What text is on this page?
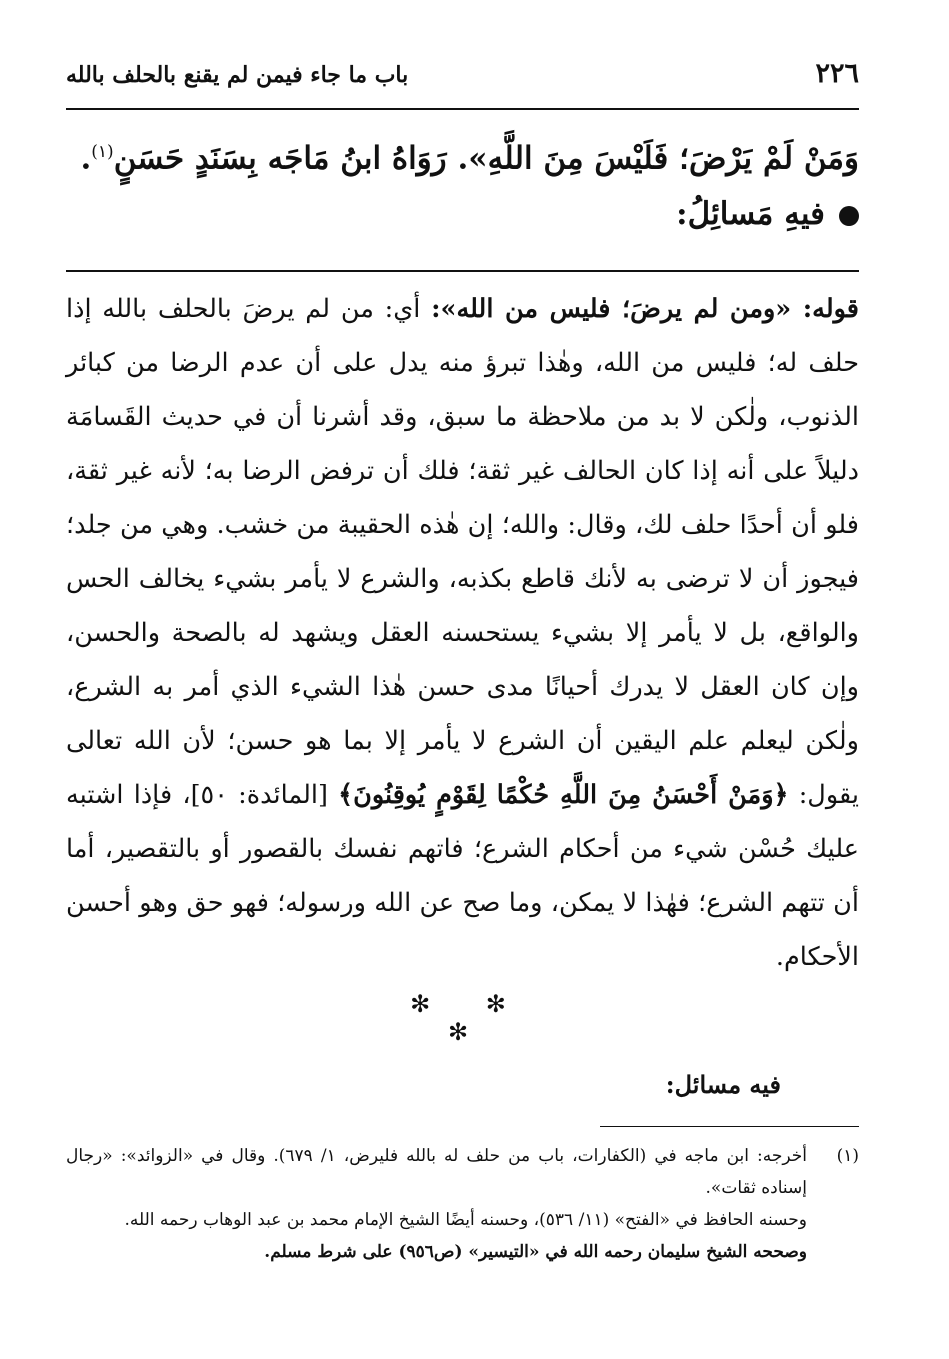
٢٢٦
باب ما جاء فيمن لم يقنع بالحلف بالله
وَمَنْ لَمْ يَرْضَ؛ فَلَيْسَ مِنَ اللَّهِ». رَوَاهُ ابنُ مَاجَه بِسَنَدٍ حَسَنٍ$^{(١)}$.
فيهِ مَسائِلُ:
قوله: «ومن لم يرضَ؛ فليس من الله»: أي: من لم يرضَ بالحلف بالله إذا حلف له؛ فليس من الله، وهٰذا تبرؤ منه يدل على أن عدم الرضا من كبائر الذنوب، ولٰكن لا بد من ملاحظة ما سبق، وقد أشرنا أن في حديث القَسامَة دليلاً على أنه إذا كان الحالف غير ثقة؛ فلك أن ترفض الرضا به؛ لأنه غير ثقة، فلو أن أحدًا حلف لك، وقال: والله؛ إن هٰذه الحقيبة من خشب. وهي من جلد؛ فيجوز أن لا ترضى به لأنك قاطع بكذبه، والشرع لا يأمر بشيء يخالف الحس والواقع، بل لا يأمر إلا بشيء يستحسنه العقل ويشهد له بالصحة والحسن، وإن كان العقل لا يدرك أحيانًا مدى حسن هٰذا الشيء الذي أمر به الشرع، ولٰكن ليعلم علم اليقين أن الشرع لا يأمر إلا بما هو حسن؛ لأن الله تعالى يقول: ﴿وَمَنْ أَحْسَنُ مِنَ اللَّهِ حُكْمًا لِقَوْمٍ يُوقِنُونَ﴾ [المائدة: ٥٠]، فإذا اشتبه عليك حُسْن شيء من أحكام الشرع؛ فاتهم نفسك بالقصور أو بالتقصير، أما أن تتهم الشرع؛ فهٰذا لا يمكن، وما صح عن الله ورسوله؛ فهو حق وهو أحسن الأحكام.
✻ ✻ ✻
فيه مسائل:
(١)

أخرجه: ابن ماجه في (الكفارات، باب من حلف له بالله فليرض، ١/ ٦٧٩). وقال في «الزوائد»: «رجال إسناده ثقات».

وحسنه الحافظ في «الفتح» (١١/ ٥٣٦)، وحسنه أيضًا الشيخ الإمام محمد بن عبد الوهاب رحمه الله.

وصححه الشيخ سليمان رحمه الله في «التيسير» (ص٩٥٦) على شرط مسلم.
